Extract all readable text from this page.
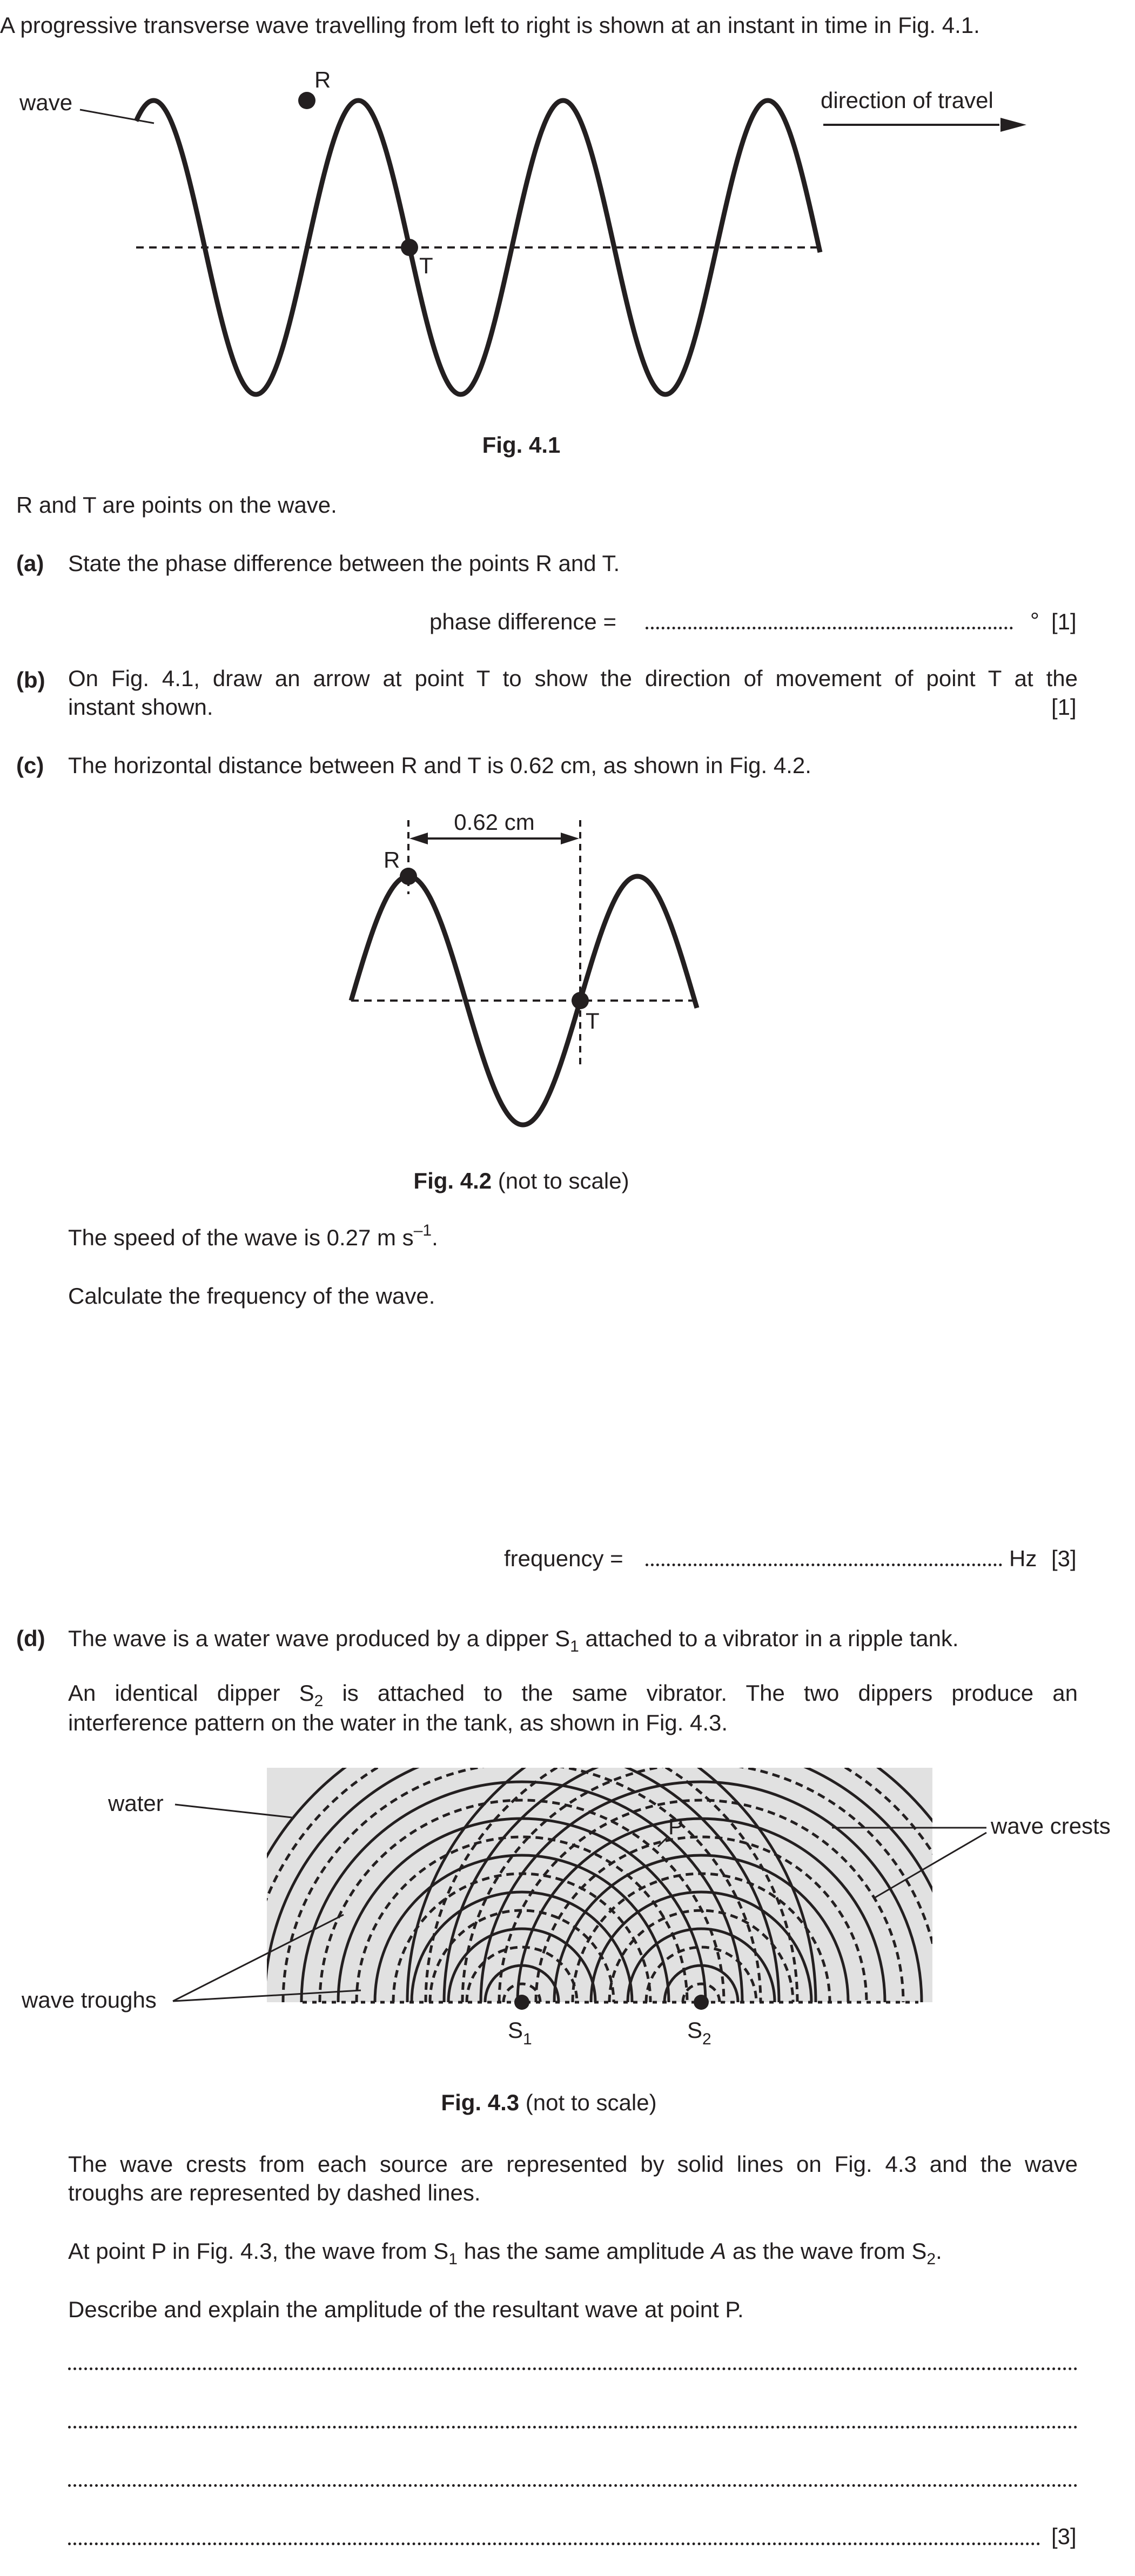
A progressive transverse wave travelling from left to right is shown at an instant in time in Fig. 4.1.
wave
R
T
direction of travel
Fig. 4.1
R and T are points on the wave.
(a) State the phase difference between the points R and T.
phase difference =	° [1]
(b) On Fig. 4.1, draw an arrow at point T to show the direction of movement of point T at the
instant shown.	[1]
(c) The horizontal distance between R and T is 0.62 cm, as shown in Fig. 4.2.
0.62 cm
R
T
Fig. 4.2 (not to scale)
The speed of the wave is 0.27 m $s^{-1}$.
Calculate the frequency of the wave.
frequency =	Hz [3]
(d) The wave is a water wave produced by a dipper $S_1$ attached to a vibrator in a ripple tank.
An identical dipper $S_2$ is attached to the same vibrator. The two dippers produce an
interference pattern on the water in the tank, as shown in Fig. 4.3.
$S_1$	$S_2$
P
water
wave crests
wave troughs
Fig. 4.3 (not to scale)
The wave crests from each source are represented by solid lines on Fig. 4.3 and the wave
troughs are represented by dashed lines.
At point P in Fig. 4.3, the wave from $S_1$ has the same amplitude A as the wave from $S_2$.
Describe and explain the amplitude of the resultant wave at point P.
[3]
